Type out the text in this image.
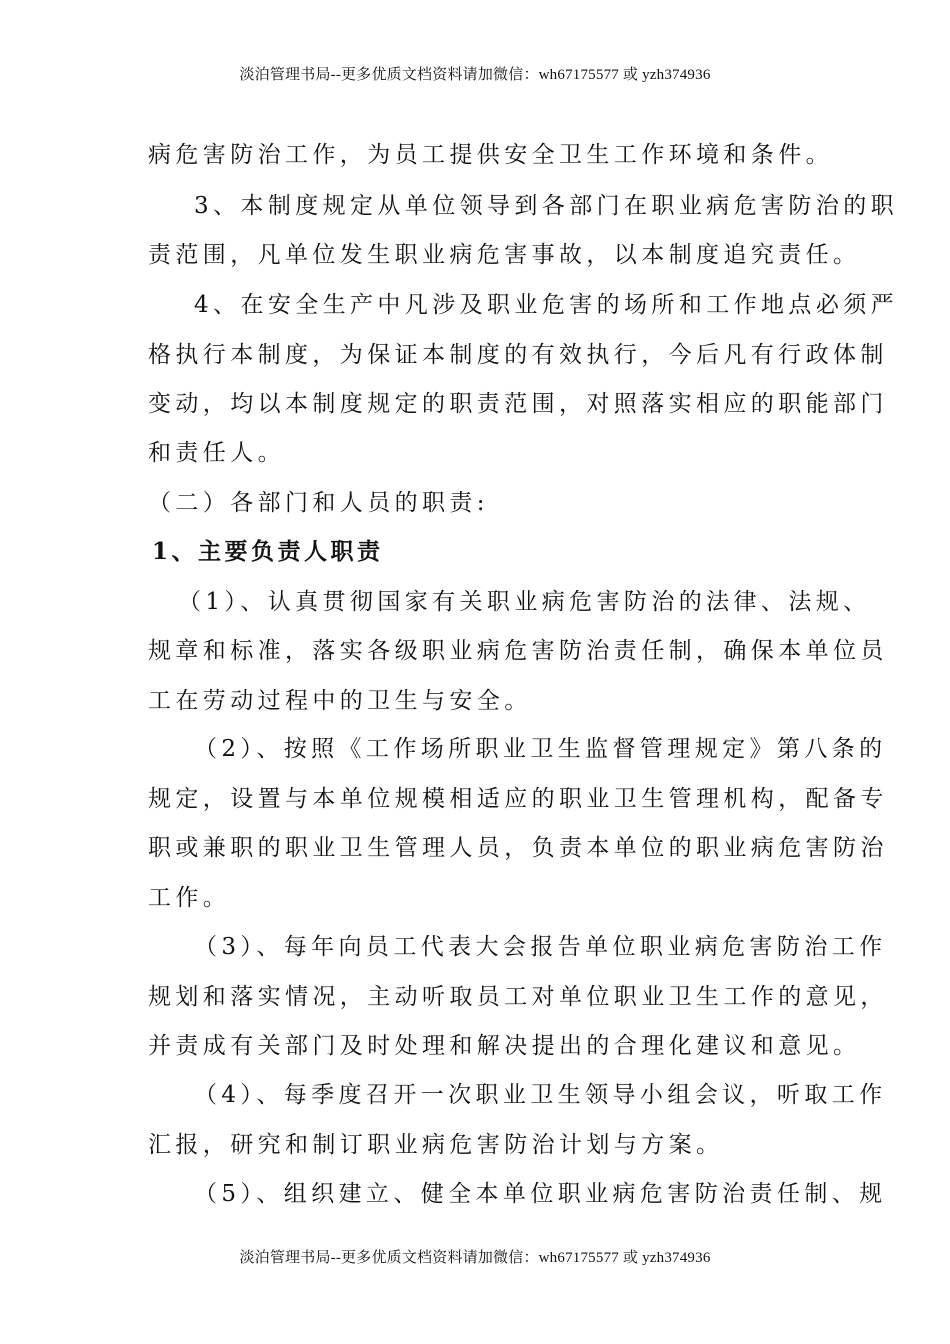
淡泊管理书局--更多优质文档资料请加微信：wh67175577 或 yzh374936
病危害防治工作，为员工提供安全卫生工作环境和条件。
3、本制度规定从单位领导到各部门在职业病危害防治的职
责范围，凡单位发生职业病危害事故，以本制度追究责任。
4、在安全生产中凡涉及职业危害的场所和工作地点必须严
格执行本制度，为保证本制度的有效执行，今后凡有行政体制
变动，均以本制度规定的职责范围，对照落实相应的职能部门
和责任人。
（二）各部门和人员的职责:
1、主要负责人职责
（1）、认真贯彻国家有关职业病危害防治的法律、法规、
规章和标准，落实各级职业病危害防治责任制，确保本单位员
工在劳动过程中的卫生与安全。
（2）、按照《工作场所职业卫生监督管理规定》第八条的
规定，设置与本单位规模相适应的职业卫生管理机构，配备专
职或兼职的职业卫生管理人员，负责本单位的职业病危害防治
工作。
（3）、每年向员工代表大会报告单位职业病危害防治工作
规划和落实情况，主动听取员工对单位职业卫生工作的意见，
并责成有关部门及时处理和解决提出的合理化建议和意见。
（4）、每季度召开一次职业卫生领导小组会议，听取工作
汇报，研究和制订职业病危害防治计划与方案。
（5）、组织建立、健全本单位职业病危害防治责任制、规
淡泊管理书局--更多优质文档资料请加微信：wh67175577 或 yzh374936
